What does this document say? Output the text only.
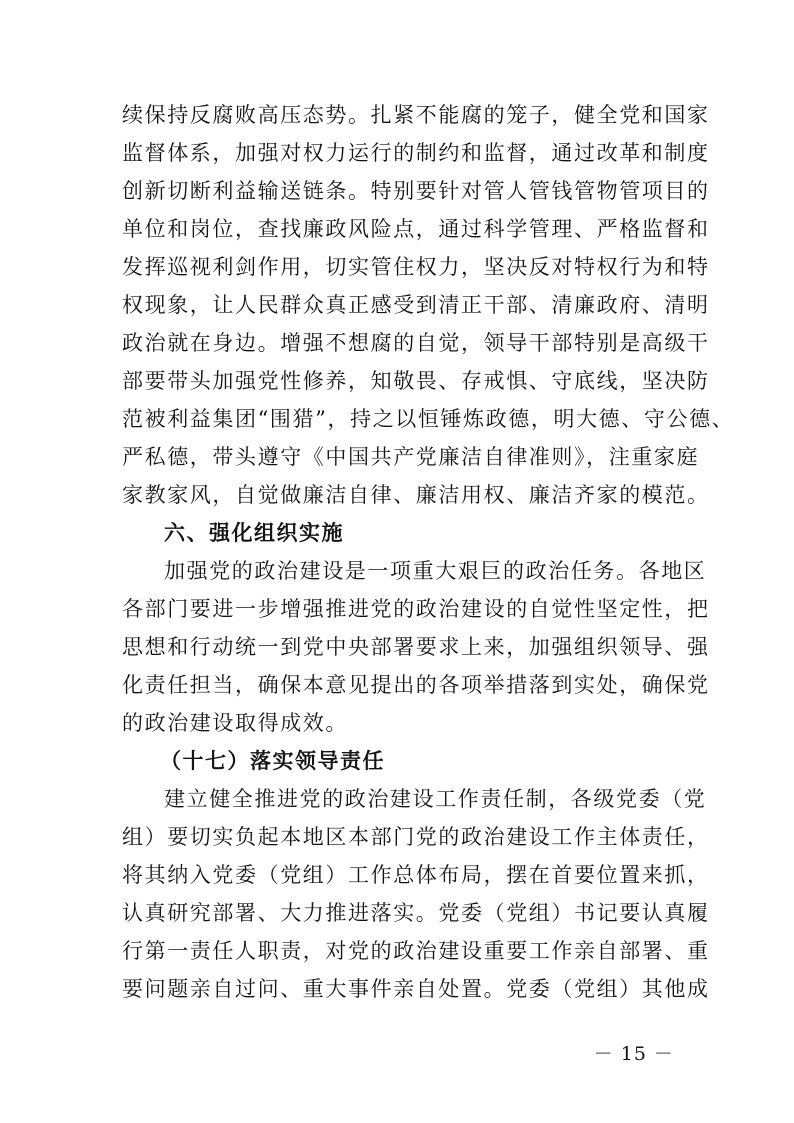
续保持反腐败高压态势。扎紧不能腐的笼子，健全党和国家
监督体系，加强对权力运行的制约和监督，通过改革和制度
创新切断利益输送链条。特别要针对管人管钱管物管项目的
单位和岗位，查找廉政风险点，通过科学管理、严格监督和
发挥巡视利剑作用，切实管住权力，坚决反对特权行为和特
权现象，让人民群众真正感受到清正干部、清廉政府、清明
政治就在身边。增强不想腐的自觉，领导干部特别是高级干
部要带头加强党性修养，知敬畏、存戒惧、守底线，坚决防
范被利益集团“围猎”，持之以恒锤炼政德，明大德、守公德、
严私德，带头遵守《中国共产党廉洁自律准则》，注重家庭
家教家风，自觉做廉洁自律、廉洁用权、廉洁齐家的模范。
六、强化组织实施
加强党的政治建设是一项重大艰巨的政治任务。各地区
各部门要进一步增强推进党的政治建设的自觉性坚定性，把
思想和行动统一到党中央部署要求上来，加强组织领导、强
化责任担当，确保本意见提出的各项举措落到实处，确保党
的政治建设取得成效。
（十七）落实领导责任
建立健全推进党的政治建设工作责任制，各级党委（党
组）要切实负起本地区本部门党的政治建设工作主体责任，
将其纳入党委（党组）工作总体布局，摆在首要位置来抓，
认真研究部署、大力推进落实。党委（党组）书记要认真履
行第一责任人职责，对党的政治建设重要工作亲自部署、重
要问题亲自过问、重大事件亲自处置。党委（党组）其他成
－ 15 －
